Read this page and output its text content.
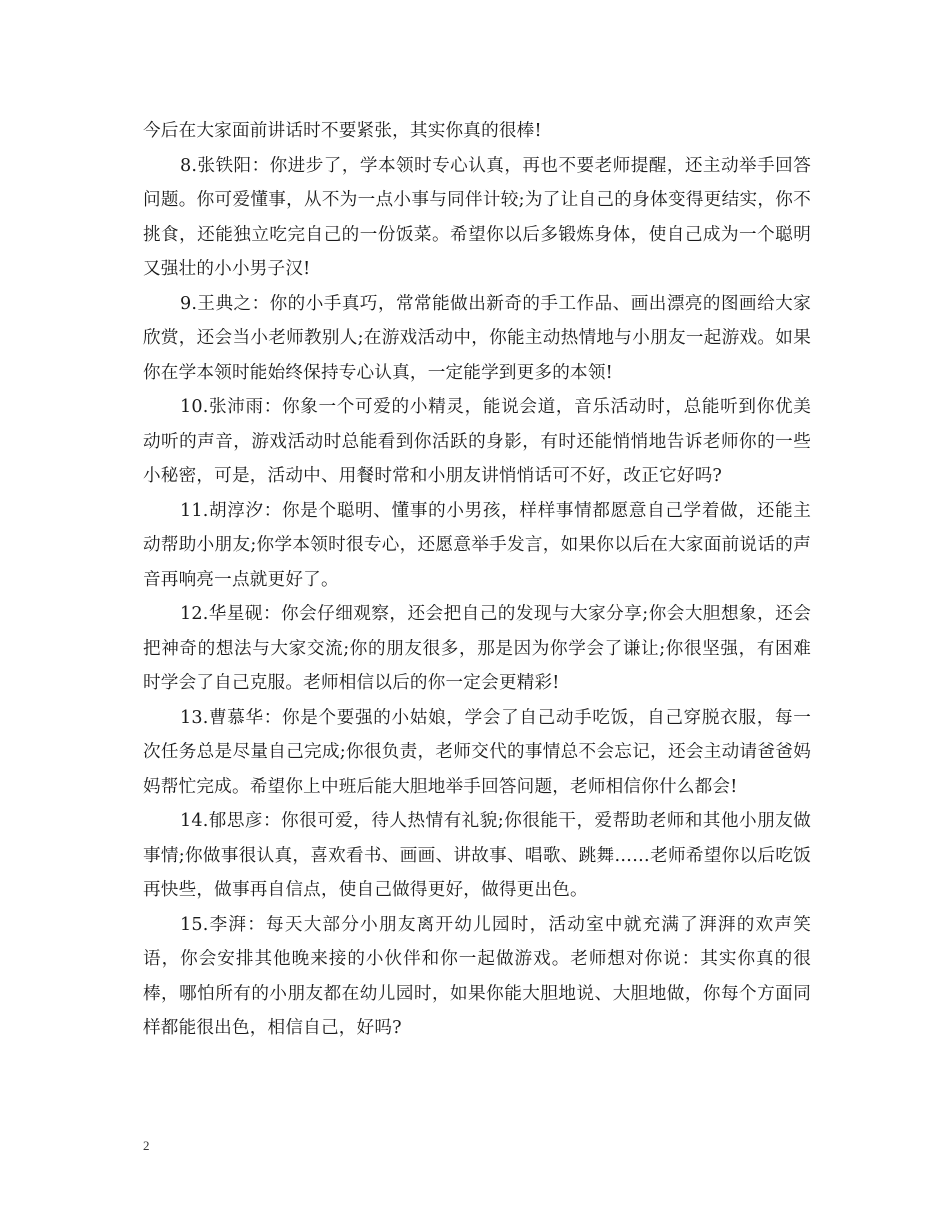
今后在大家面前讲话时不要紧张，其实你真的很棒!

8.张铁阳：你进步了，学本领时专心认真，再也不要老师提醒，还主动举手回答问题。你可爱懂事，从不为一点小事与同伴计较;为了让自己的身体变得更结实，你不挑食，还能独立吃完自己的一份饭菜。希望你以后多锻炼身体，使自己成为一个聪明又强壮的小小男子汉!

9.王典之：你的小手真巧，常常能做出新奇的手工作品、画出漂亮的图画给大家欣赏，还会当小老师教别人;在游戏活动中，你能主动热情地与小朋友一起游戏。如果你在学本领时能始终保持专心认真，一定能学到更多的本领!

10.张沛雨：你象一个可爱的小精灵，能说会道，音乐活动时，总能听到你优美动听的声音，游戏活动时总能看到你活跃的身影，有时还能悄悄地告诉老师你的一些小秘密，可是，活动中、用餐时常和小朋友讲悄悄话可不好，改正它好吗?

11.胡淳汐：你是个聪明、懂事的小男孩，样样事情都愿意自己学着做，还能主动帮助小朋友;你学本领时很专心，还愿意举手发言，如果你以后在大家面前说话的声音再响亮一点就更好了。

12.华星砚：你会仔细观察，还会把自己的发现与大家分享;你会大胆想象，还会把神奇的想法与大家交流;你的朋友很多，那是因为你学会了谦让;你很坚强，有困难时学会了自己克服。老师相信以后的你一定会更精彩!

13.曹慕华：你是个要强的小姑娘，学会了自己动手吃饭，自己穿脱衣服，每一次任务总是尽量自己完成;你很负责，老师交代的事情总不会忘记，还会主动请爸爸妈妈帮忙完成。希望你上中班后能大胆地举手回答问题，老师相信你什么都会!

14.郁思彦：你很可爱，待人热情有礼貌;你很能干，爱帮助老师和其他小朋友做事情;你做事很认真，喜欢看书、画画、讲故事、唱歌、跳舞……老师希望你以后吃饭再快些，做事再自信点，使自己做得更好，做得更出色。

15.李湃：每天大部分小朋友离开幼儿园时，活动室中就充满了湃湃的欢声笑语，你会安排其他晚来接的小伙伴和你一起做游戏。老师想对你说：其实你真的很棒，哪怕所有的小朋友都在幼儿园时，如果你能大胆地说、大胆地做，你每个方面同样都能很出色，相信自己，好吗?

2
